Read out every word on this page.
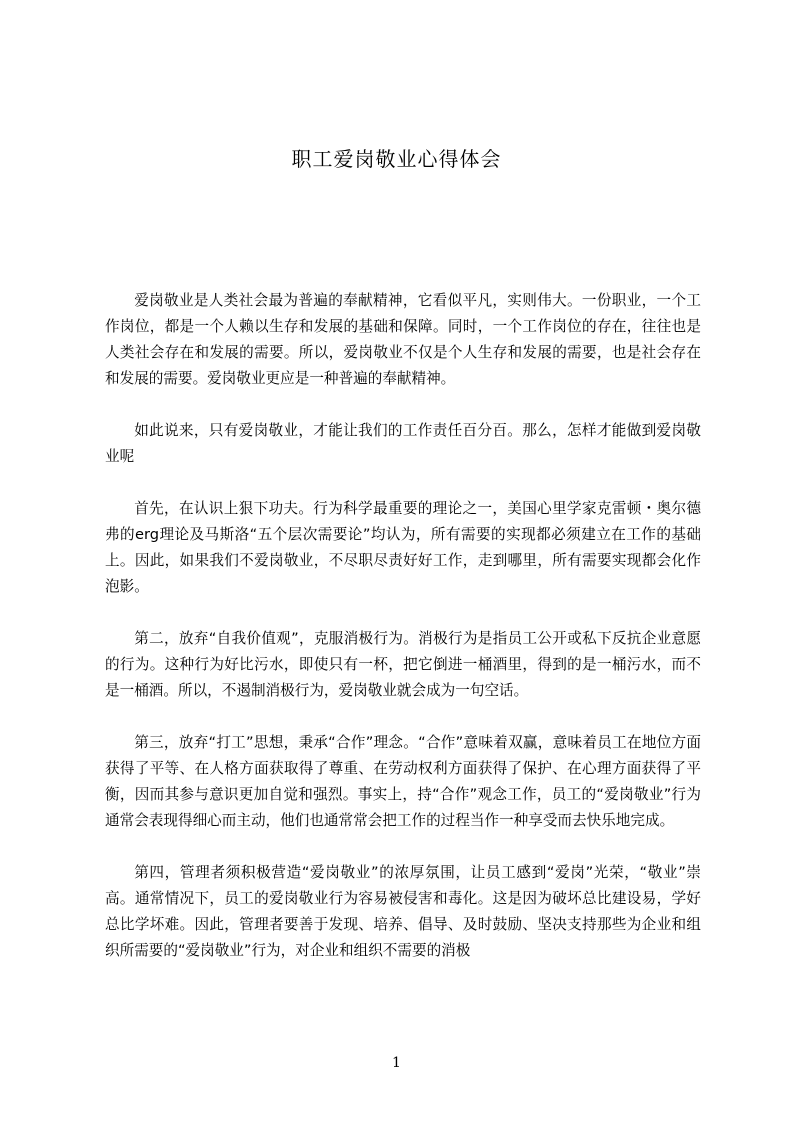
职工爱岗敬业心得体会

爱岗敬业是人类社会最为普遍的奉献精神，它看似平凡，实则伟大。一份职业，一个工作岗位，都是一个人赖以生存和发展的基础和保障。同时，一个工作岗位的存在，往往也是人类社会存在和发展的需要。所以，爱岗敬业不仅是个人生存和发展的需要，也是社会存在和发展的需要。爱岗敬业更应是一种普遍的奉献精神。

如此说来，只有爱岗敬业，才能让我们的工作责任百分百。那么，怎样才能做到爱岗敬业呢

首先，在认识上狠下功夫。行为科学最重要的理论之一，美国心里学家克雷顿・奥尔德弗的erg理论及马斯洛“五个层次需要论”均认为，所有需要的实现都必须建立在工作的基础上。因此，如果我们不爱岗敬业，不尽职尽责好好工作，走到哪里，所有需要实现都会化作泡影。

第二，放弃“自我价值观”，克服消极行为。消极行为是指员工公开或私下反抗企业意愿的行为。这种行为好比污水，即使只有一杯，把它倒进一桶酒里，得到的是一桶污水，而不是一桶酒。所以，不遏制消极行为，爱岗敬业就会成为一句空话。

第三，放弃“打工”思想，秉承“合作”理念。“合作”意味着双赢，意味着员工在地位方面获得了平等、在人格方面获取得了尊重、在劳动权利方面获得了保护、在心理方面获得了平衡，因而其参与意识更加自觉和强烈。事实上，持“合作”观念工作，员工的“爱岗敬业”行为通常会表现得细心而主动，他们也通常常会把工作的过程当作一种享受而去快乐地完成。

第四，管理者须积极营造“爱岗敬业”的浓厚氛围，让员工感到“爱岗”光荣，“敬业”崇高。通常情况下，员工的爱岗敬业行为容易被侵害和毒化。这是因为破坏总比建设易，学好总比学坏难。因此，管理者要善于发现、培养、倡导、及时鼓励、坚决支持那些为企业和组织所需要的“爱岗敬业”行为，对企业和组织不需要的消极

1
